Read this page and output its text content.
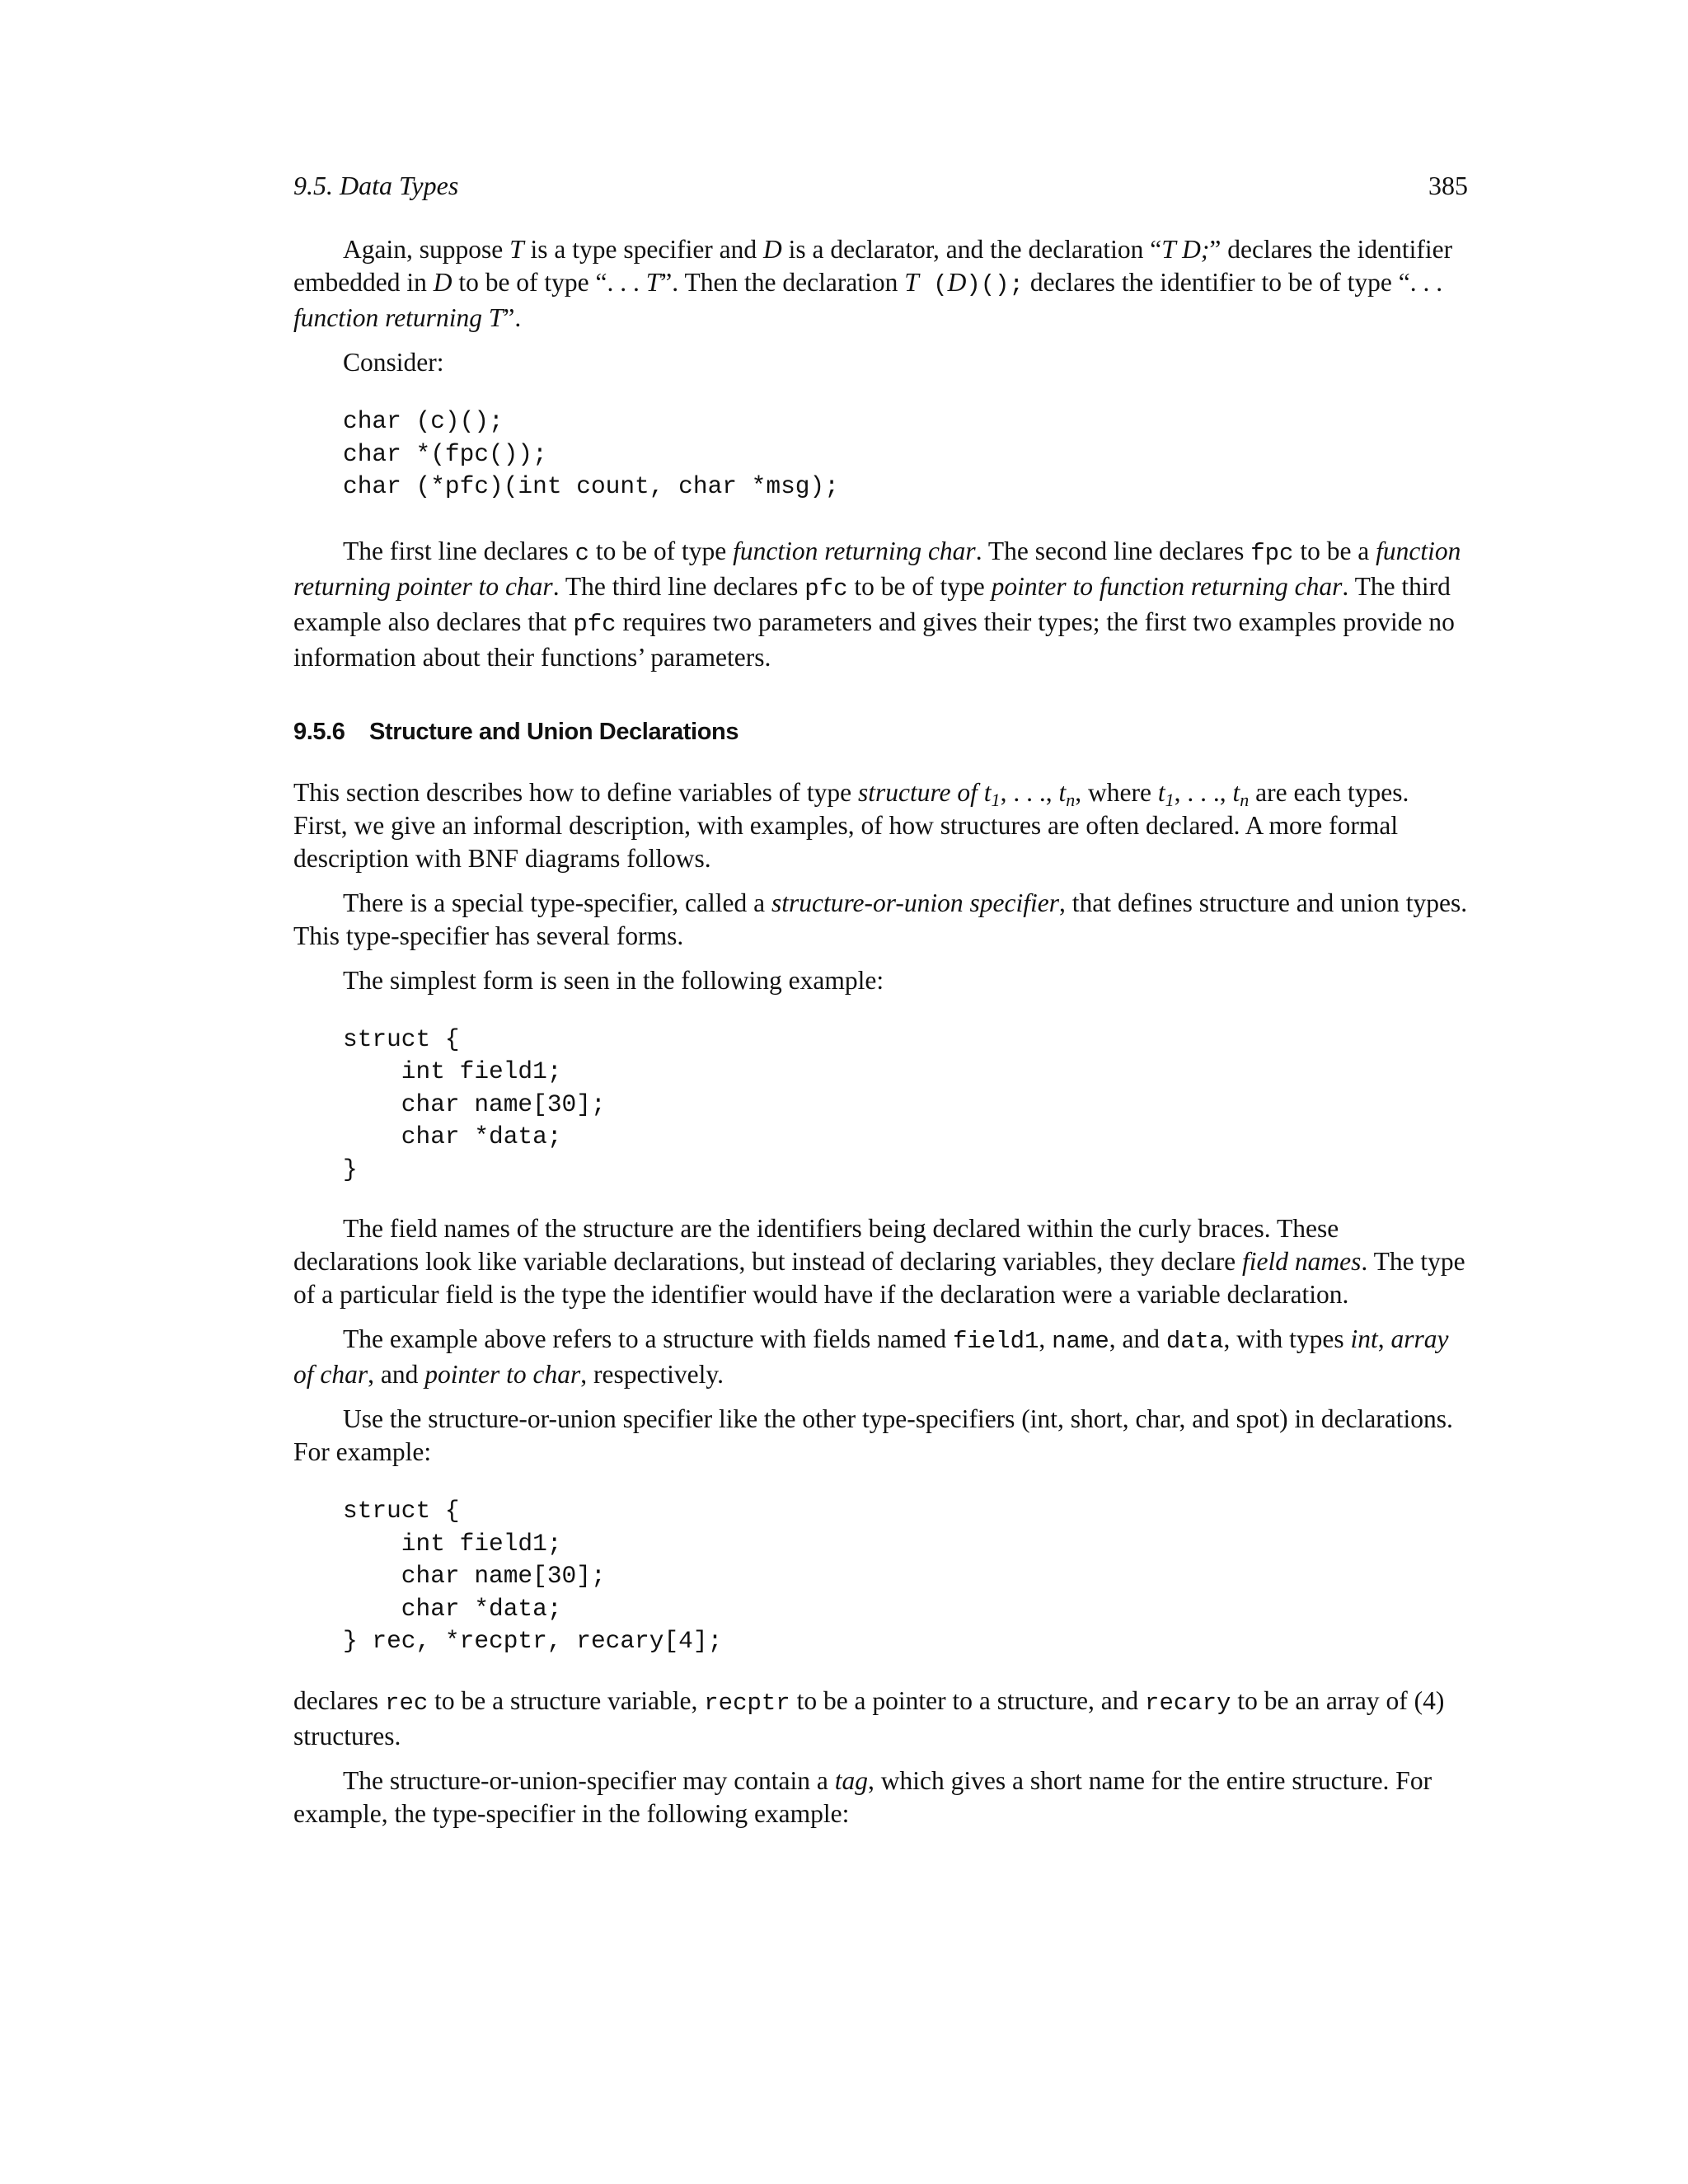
9.5. Data Types	385

Again, suppose T is a type specifier and D is a declarator, and the declaration “T D;” declares the identifier embedded in D to be of type “. . . T”. Then the declaration T (D)(); declares the identifier to be of type “. . . function returning T”.

Consider:

char (c)();
char *(fpc());
char (*pfc)(int count, char *msg);

The first line declares c to be of type function returning char. The second line declares fpc to be a function returning pointer to char. The third line declares pfc to be of type pointer to function returning char. The third example also declares that pfc requires two parameters and gives their types; the first two examples provide no information about their functions’ parameters.

9.5.6 Structure and Union Declarations

This section describes how to define variables of type structure of $t_1$, . . ., $t_n$, where $t_1$, . . ., $t_n$ are each types. First, we give an informal description, with examples, of how structures are often declared. A more formal description with BNF diagrams follows.

There is a special type-specifier, called a structure-or-union specifier, that defines structure and union types. This type-specifier has several forms.

The simplest form is seen in the following example:

struct {
int field1;
char name[30];
char *data;
}

The field names of the structure are the identifiers being declared within the curly braces. These declarations look like variable declarations, but instead of declaring variables, they declare field names. The type of a particular field is the type the identifier would have if the declaration were a variable declaration.

The example above refers to a structure with fields named field1, name, and data, with types int, array of char, and pointer to char, respectively.

Use the structure-or-union specifier like the other type-specifiers (int, short, char, and spot) in declarations. For example:

struct {
int field1;
char name[30];
char *data;
} rec, *recptr, recary[4];

declares rec to be a structure variable, recptr to be a pointer to a structure, and recary to be an array of (4) structures.

The structure-or-union-specifier may contain a tag, which gives a short name for the entire structure. For example, the type-specifier in the following example:
